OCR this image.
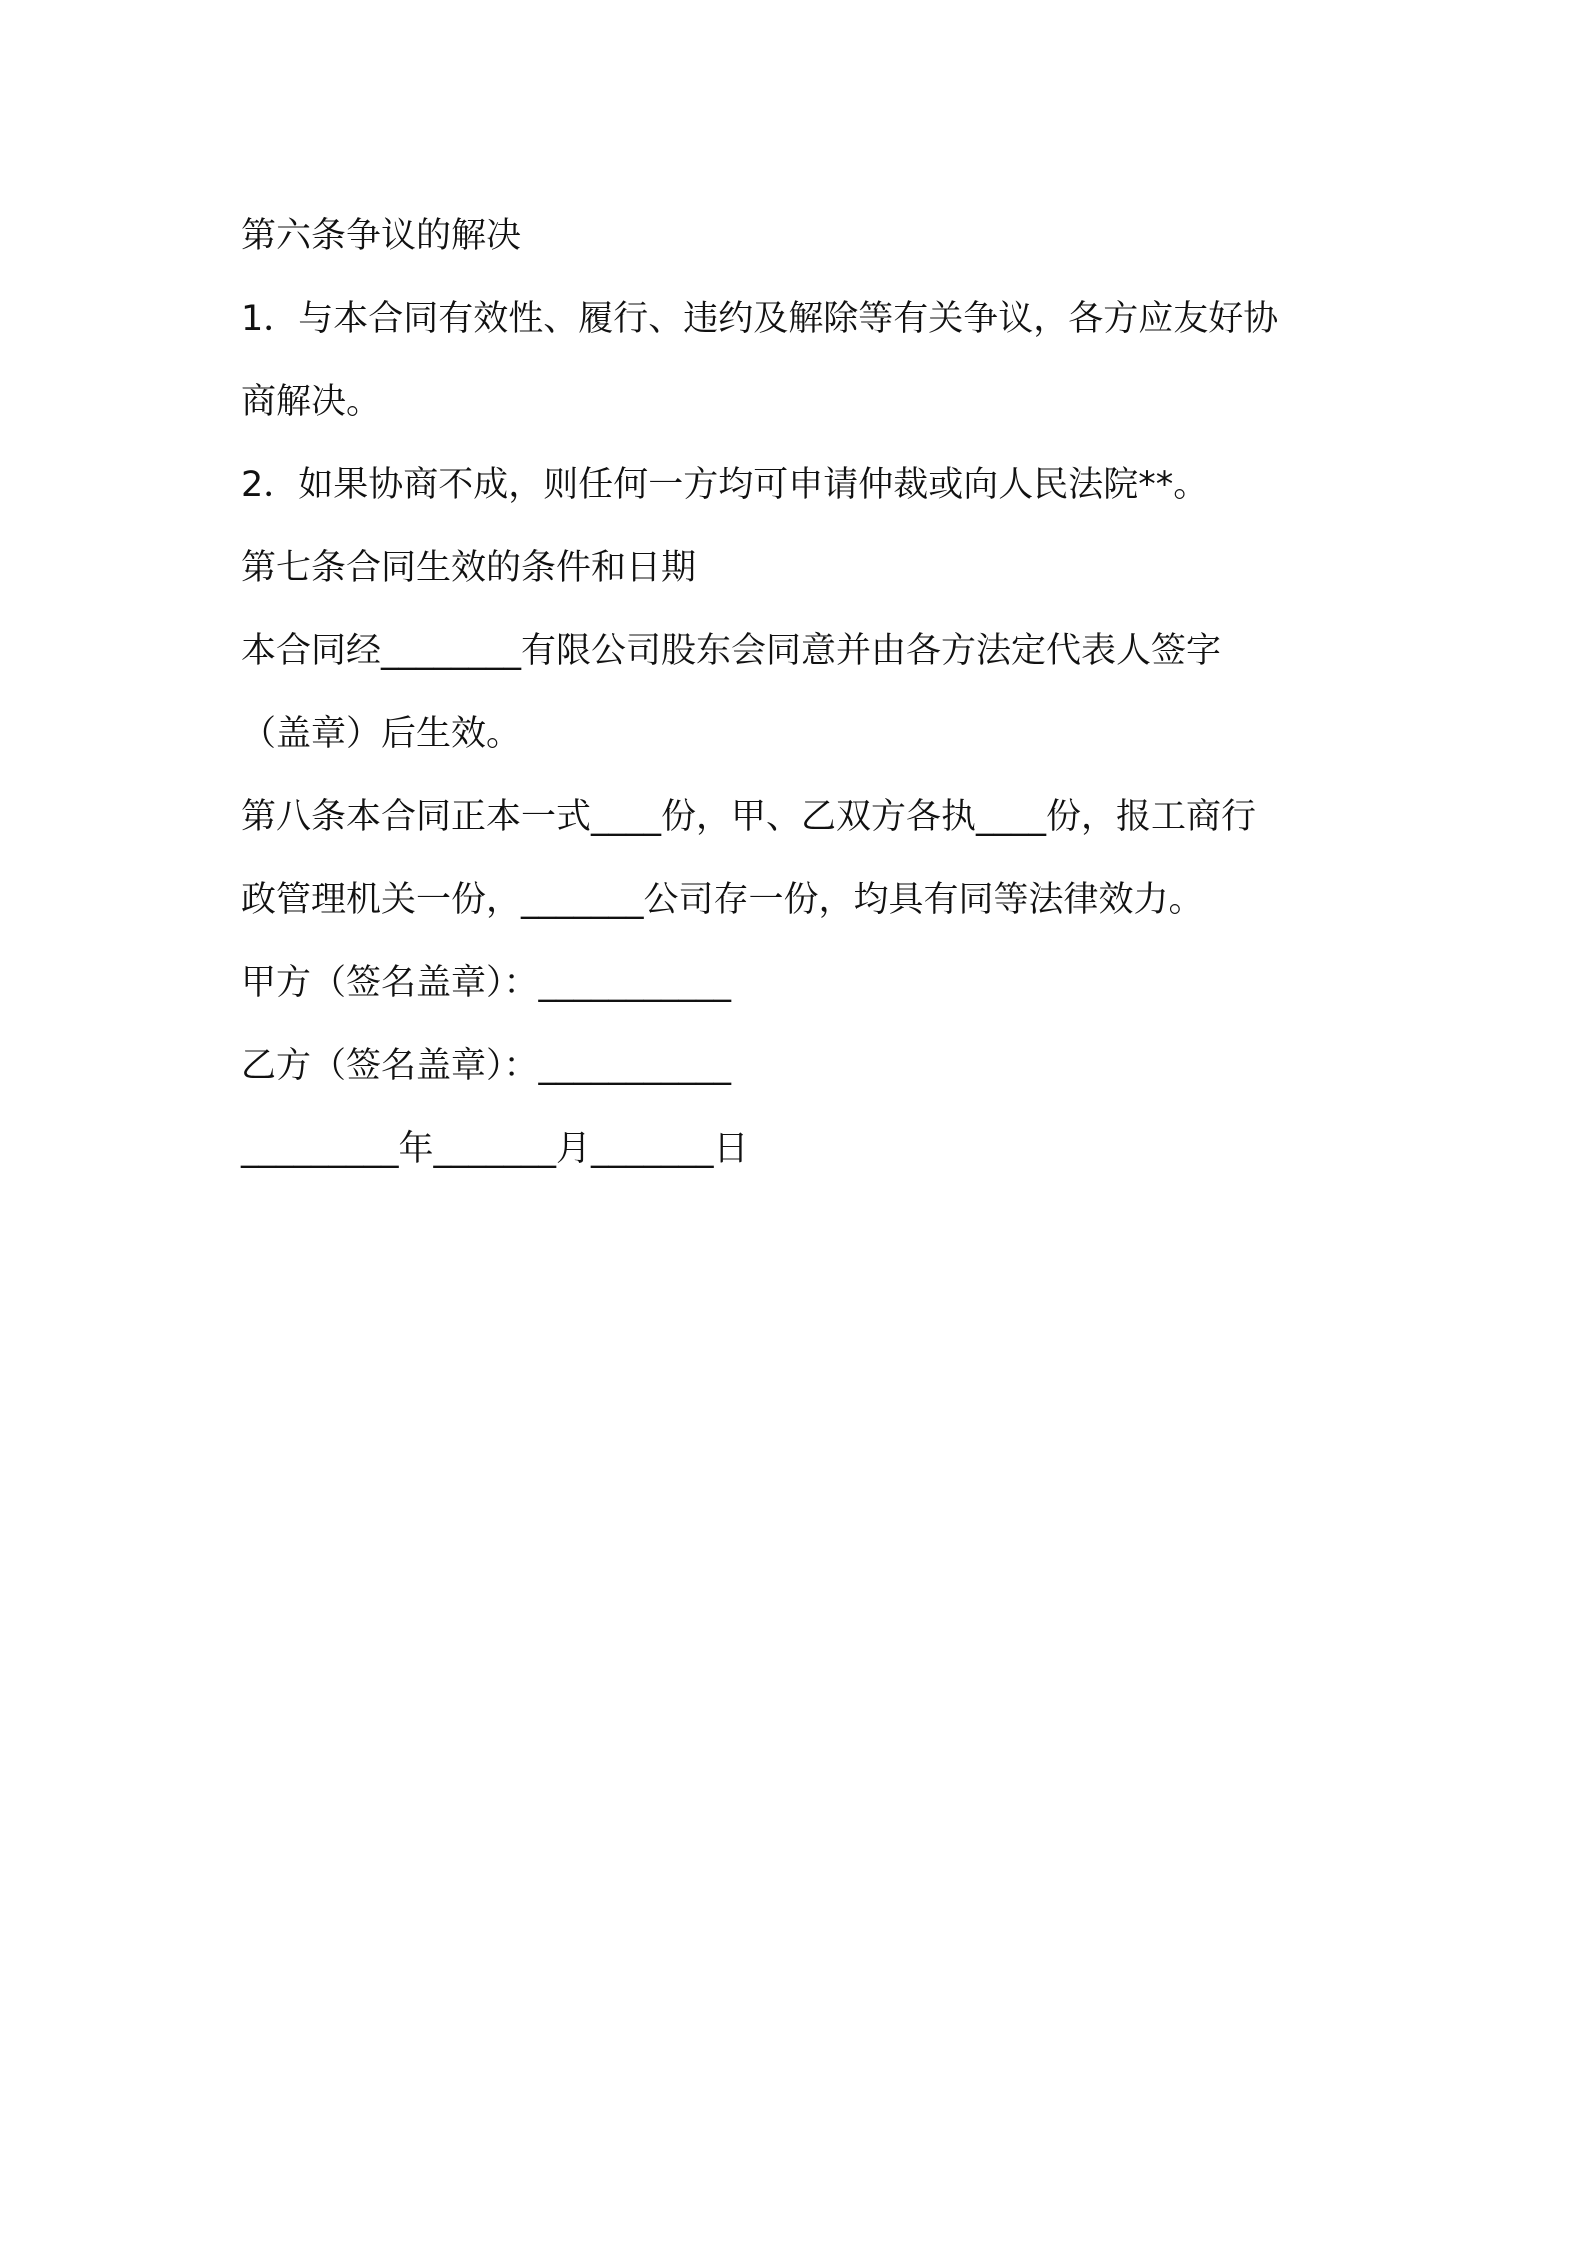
第六条争议的解决
1．与本合同有效性、履行、违约及解除等有关争议，各方应友好协
商解决。
2．如果协商不成，则任何一方均可申请仲裁或向人民法院**。
第七条合同生效的条件和日期
本合同经________有限公司股东会同意并由各方法定代表人签字
（盖章）后生效。
第八条本合同正本一式____份，甲、乙双方各执____份，报工商行
政管理机关一份，_______公司存一份，均具有同等法律效力。
甲方（签名盖章）：___________
乙方（签名盖章）：___________
_________年_______月_______日
